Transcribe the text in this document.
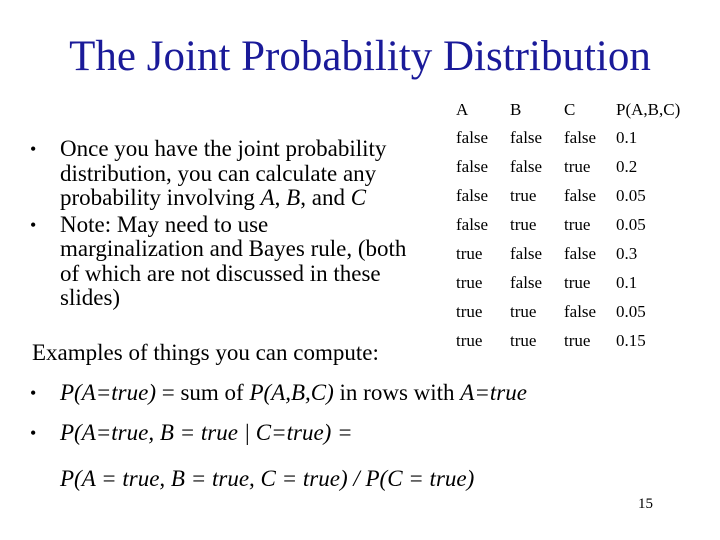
The Joint Probability Distribution
• Once you have the joint probability distribution, you can calculate any probability involving A, B, and C
• Note: May need to use marginalization and Bayes rule, (both of which are not discussed in these slides)
A	B	C	P(A,B,C)
false	false	false	0.1
false	false	true	0.2
false	true	false	0.05
false	true	true	0.05
true	false	false	0.3
true	false	true	0.1
true	true	false	0.05
true	true	true	0.15
Examples of things you can compute:
• P(A=true) = sum of P(A,B,C) in rows with A=true
• P(A=true, B = true | C=true) =
P(A = true, B = true, C = true) / P(C = true)
15
